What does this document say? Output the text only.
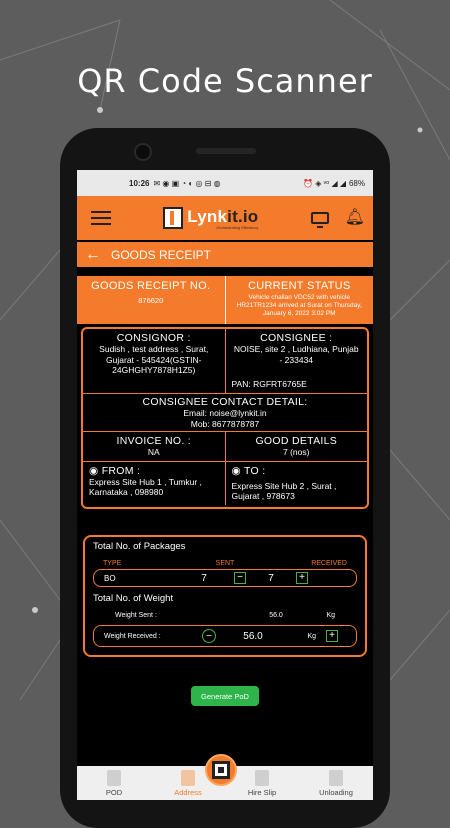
QR Code Scanner
10:26 ✉ ◉ ▣ ◔ ◐ ◎ ⊟ ◍	⏰ ◈ ᵛᵒ ◢ ◢ 68%
Lynkit.io
Orchestrating Efficiency
🔔︎
← GOODS RECEIPT
GOODS RECEIPT NO.
876620
CURRENT STATUS
Vehicle challan VDC52 with vehicle HR21TR1234 arrived at Surat on Thursday, January 6, 2022 3:02 PM
CONSIGNOR :
Sudish , test address , Surat, Gujarat - 545424(GSTIN-24GHGHY7878H1Z5)
CONSIGNEE :
NOISE, site 2 , Ludhiana, Punjab - 233434
PAN: RGFRT6765E
CONSIGNEE CONTACT DETAIL:
Email: noise@lynkit.in
Mob: 8677878787
INVOICE NO. :
NA
GOOD DETAILS
7 (nos)
◉ FROM :
Express Site Hub 1 , Tumkur , Karnataka , 098980
◉ TO :
Express Site Hub 2 , Surat , Gujarat , 978673
Total No. of Packages
TYPE	SENT	RECEIVED
BO	7	−	7	+
Total No. of Weight
Weight Sent :	56.0	Kg
Weight Received :	−	56.0	Kg	+
Generate PoD
POD	Address	Hire Slip	Unloading
